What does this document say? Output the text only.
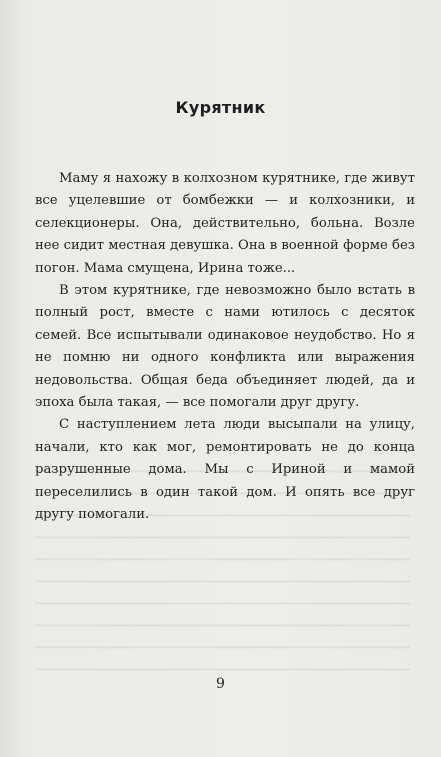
Курятник

Маму я нахожу в колхозном курятнике, где живут все уцелевшие от бомбежки — и колхозники, и селекционеры. Она, действительно, больна. Возле нее сидит местная девушка. Она в военной форме без погон. Мама смущена, Ирина тоже...

В этом курятнике, где невозможно было встать в полный рост, вместе с нами ютилось с десяток семей. Все испытывали одинаковое неудобство. Но я не помню ни одного конфликта или выражения недовольства. Общая беда объединяет людей, да и эпоха была такая, — все помогали друг другу.

С наступлением лета люди высыпали на улицу, начали, кто как мог, ремонтировать не до конца разрушенные дома. Мы с Ириной и мамой переселились в один такой дом. И опять все друг другу помогали.

9
